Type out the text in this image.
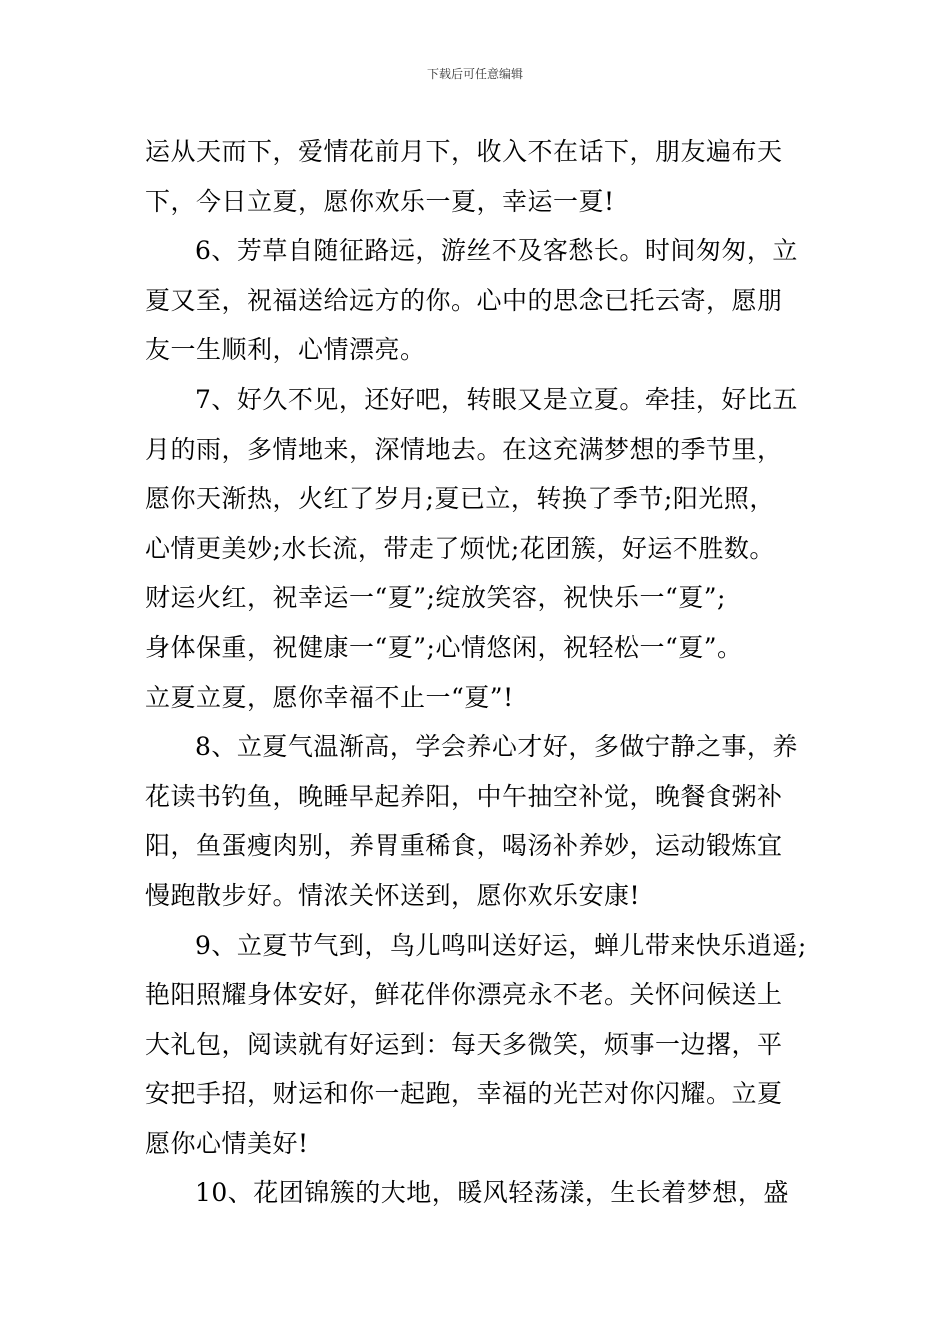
下载后可任意编辑

运从天而下，爱情花前月下，收入不在话下，朋友遍布天
下，今日立夏，愿你欢乐一夏，幸运一夏!

6、芳草自随征路远，游丝不及客愁长。时间匆匆，立
夏又至，祝福送给远方的你。心中的思念已托云寄，愿朋
友一生顺利，心情漂亮。

7、好久不见，还好吧，转眼又是立夏。牵挂，好比五
月的雨，多情地来，深情地去。在这充满梦想的季节里，
愿你天渐热，火红了岁月;夏已立，转换了季节;阳光照，
心情更美妙;水长流，带走了烦忧;花团簇，好运不胜数。
财运火红，祝幸运一“夏”;绽放笑容，祝快乐一“夏”;
身体保重，祝健康一“夏”;心情悠闲，祝轻松一“夏”。
立夏立夏，愿你幸福不止一“夏”!

8、立夏气温渐高，学会养心才好，多做宁静之事，养
花读书钓鱼，晚睡早起养阳，中午抽空补觉，晚餐食粥补
阳，鱼蛋瘦肉别，养胃重稀食，喝汤补养妙，运动锻炼宜
慢跑散步好。情浓关怀送到，愿你欢乐安康!

9、立夏节气到，鸟儿鸣叫送好运，蝉儿带来快乐逍遥;
艳阳照耀身体安好，鲜花伴你漂亮永不老。关怀问候送上
大礼包，阅读就有好运到：每天多微笑，烦事一边撂，平
安把手招，财运和你一起跑，幸福的光芒对你闪耀。立夏
愿你心情美好!

10、花团锦簇的大地，暖风轻荡漾，生长着梦想，盛
